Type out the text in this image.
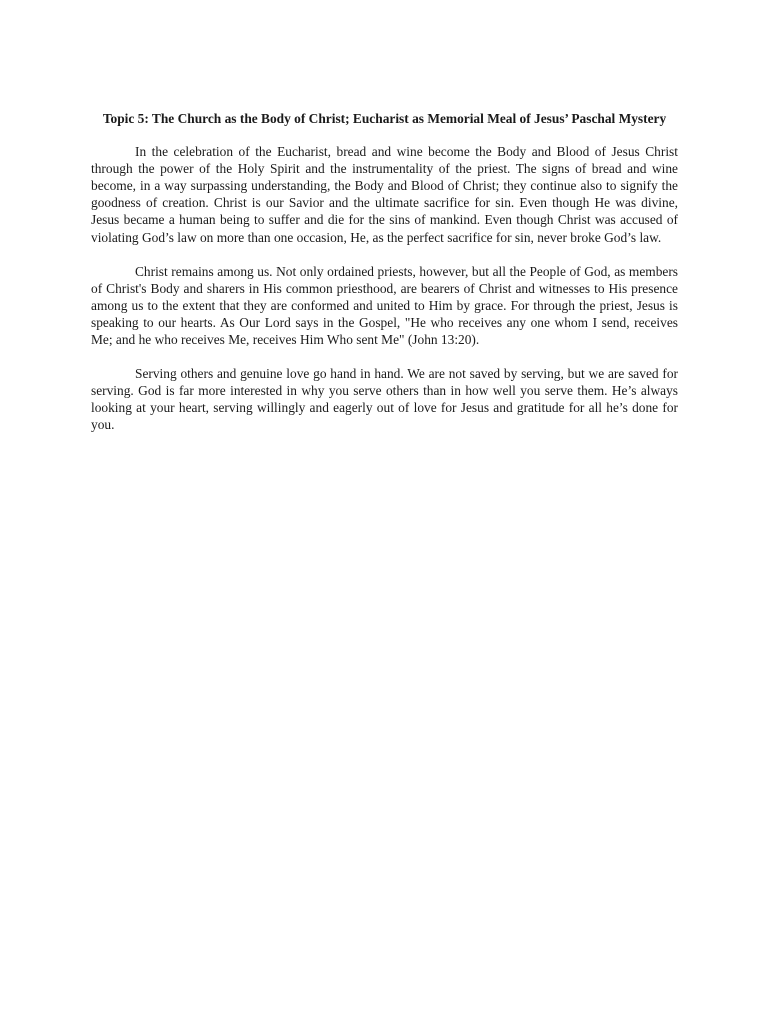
Topic 5: The Church as the Body of Christ; Eucharist as Memorial Meal of Jesus’ Paschal Mystery

In the celebration of the Eucharist, bread and wine become the Body and Blood of Jesus Christ through the power of the Holy Spirit and the instrumentality of the priest. The signs of bread and wine become, in a way surpassing understanding, the Body and Blood of Christ; they continue also to signify the goodness of creation. Christ is our Savior and the ultimate sacrifice for sin. Even though He was divine, Jesus became a human being to suffer and die for the sins of mankind. Even though Christ was accused of violating God’s law on more than one occasion, He, as the perfect sacrifice for sin, never broke God’s law.

Christ remains among us. Not only ordained priests, however, but all the People of God, as members of Christ's Body and sharers in His common priesthood, are bearers of Christ and witnesses to His presence among us to the extent that they are conformed and united to Him by grace. For through the priest, Jesus is speaking to our hearts. As Our Lord says in the Gospel, "He who receives any one whom I send, receives Me; and he who receives Me, receives Him Who sent Me" (John 13:20).

Serving others and genuine love go hand in hand. We are not saved by serving, but we are saved for serving. God is far more interested in why you serve others than in how well you serve them. He’s always looking at your heart, serving willingly and eagerly out of love for Jesus and gratitude for all he’s done for you.
